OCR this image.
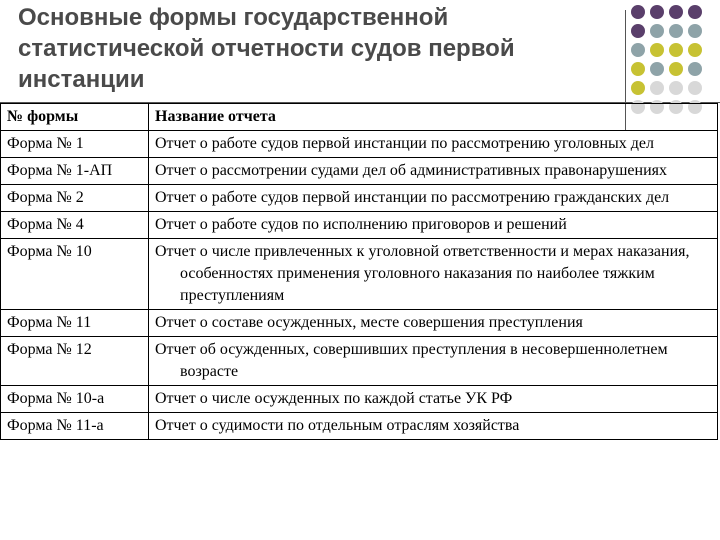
Основные формы государственной
статистической отчетности судов первой
инстанции
№ формы	Название отчета
Форма № 1	Отчет о работе судов первой инстанции по рассмотрению уголовных дел

Форма № 1-АП	Отчет о рассмотрении судами дел об административных правонарушениях

Форма № 2	Отчет о работе судов первой инстанции по рассмотрению гражданских дел

Форма № 4	Отчет о работе судов по исполнению приговоров и решений

Форма № 10	Отчет о числе привлеченных к уголовной ответственности и мерах наказания, особенностях применения уголовного наказания по наиболее тяжким преступлениям

Форма № 11	Отчет о составе осужденных, месте совершения преступления

Форма № 12	Отчет об осужденных, совершивших преступления в несовершеннолетнем возрасте

Форма № 10-а	Отчет о числе осужденных по каждой статье УК РФ

Форма № 11-а	Отчет о судимости по отдельным отраслям хозяйства
